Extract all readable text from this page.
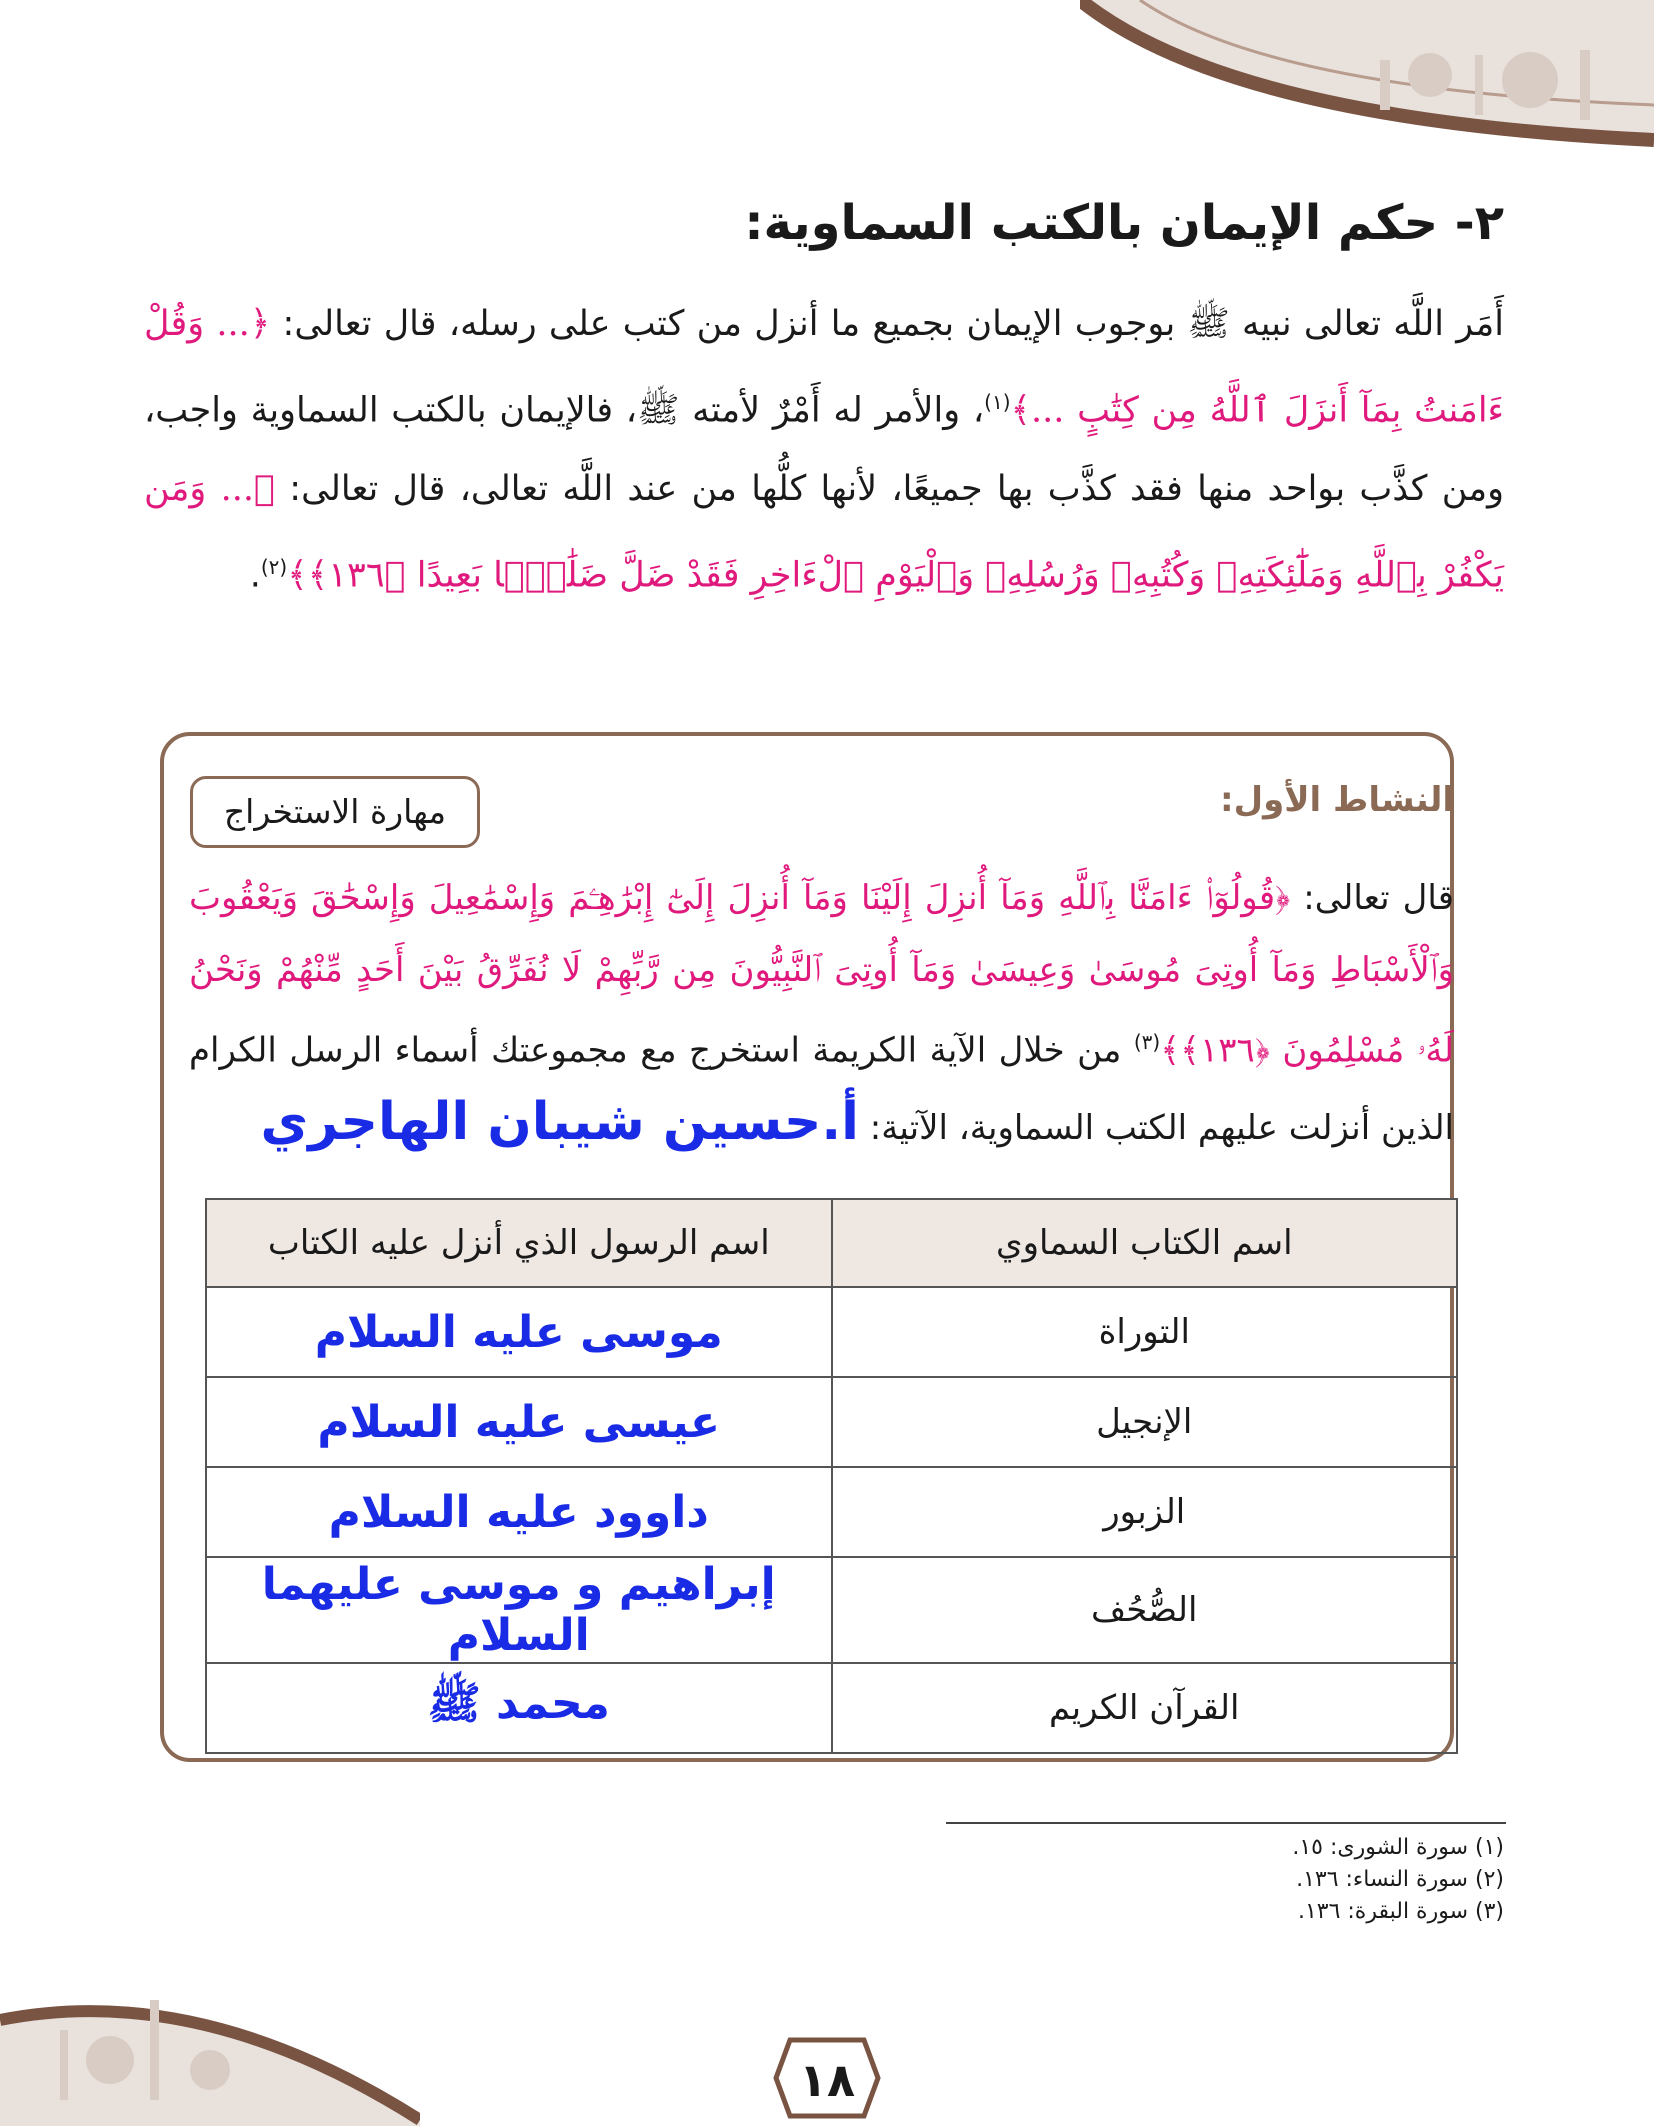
٢- حكم الإيمان بالكتب السماوية:
أَمَر اللَّه تعالى نبيه ﷺ بوجوب الإيمان بجميع ما أنزل من كتب على رسله، قال تعالى: ﴿... وَقُلْ ءَامَنتُ بِمَآ أَنزَلَ ٱللَّهُ مِن كِتَٰبٍ ...﴾$^{(١)}$، والأمر له أَمْرٌ لأمته ﷺ، فالإيمان بالكتب السماوية واجب، ومن كذَّب بواحد منها فقد كذَّب بها جميعًا، لأنها كلُّها من عند اللَّه تعالى، قال تعالى: ﴿... وَمَن يَكْفُرْ بِٱللَّهِ وَمَلَٰٓئِكَتِهِۦ وَكُتُبِهِۦ وَرُسُلِهِۦ وَٱلْيَوْمِ ٱلْءَاخِرِ فَقَدْ ضَلَّ ضَلَٰلًۢا بَعِيدًا ﴿١٣٦﴾﴾$^{(٢)}$.
النشاط الأول:
مهارة الاستخراج
قال تعالى: ﴿قُولُوٓا۟ ءَامَنَّا بِٱللَّهِ وَمَآ أُنزِلَ إِلَيْنَا وَمَآ أُنزِلَ إِلَىٰٓ إِبْرَٰهِـۧمَ وَإِسْمَٰعِيلَ وَإِسْحَٰقَ وَيَعْقُوبَ وَٱلْأَسْبَاطِ وَمَآ أُوتِىَ مُوسَىٰ وَعِيسَىٰ وَمَآ أُوتِىَ ٱلنَّبِيُّونَ مِن رَّبِّهِمْ لَا نُفَرِّقُ بَيْنَ أَحَدٍ مِّنْهُمْ وَنَحْنُ لَهُۥ مُسْلِمُونَ ﴿١٣٦﴾﴾$^{(٣)}$ من خلال الآية الكريمة استخرج مع مجموعتك أسماء الرسل الكرام الذين أنزلت عليهم الكتب السماوية، الآتية: أ.حسين شيبان الهاجري
اسم الكتاب السماوي	اسم الرسول الذي أنزل عليه الكتاب
التوراة	موسى عليه السلام
الإنجيل	عيسى عليه السلام
الزبور	داوود عليه السلام
الصُّحُف	إبراهيم و موسى عليهما السلام
القرآن الكريم	محمد ﷺ
(١) سورة الشورى: ١٥.
(٢) سورة النساء: ١٣٦.
(٣) سورة البقرة: ١٣٦.
١٨
